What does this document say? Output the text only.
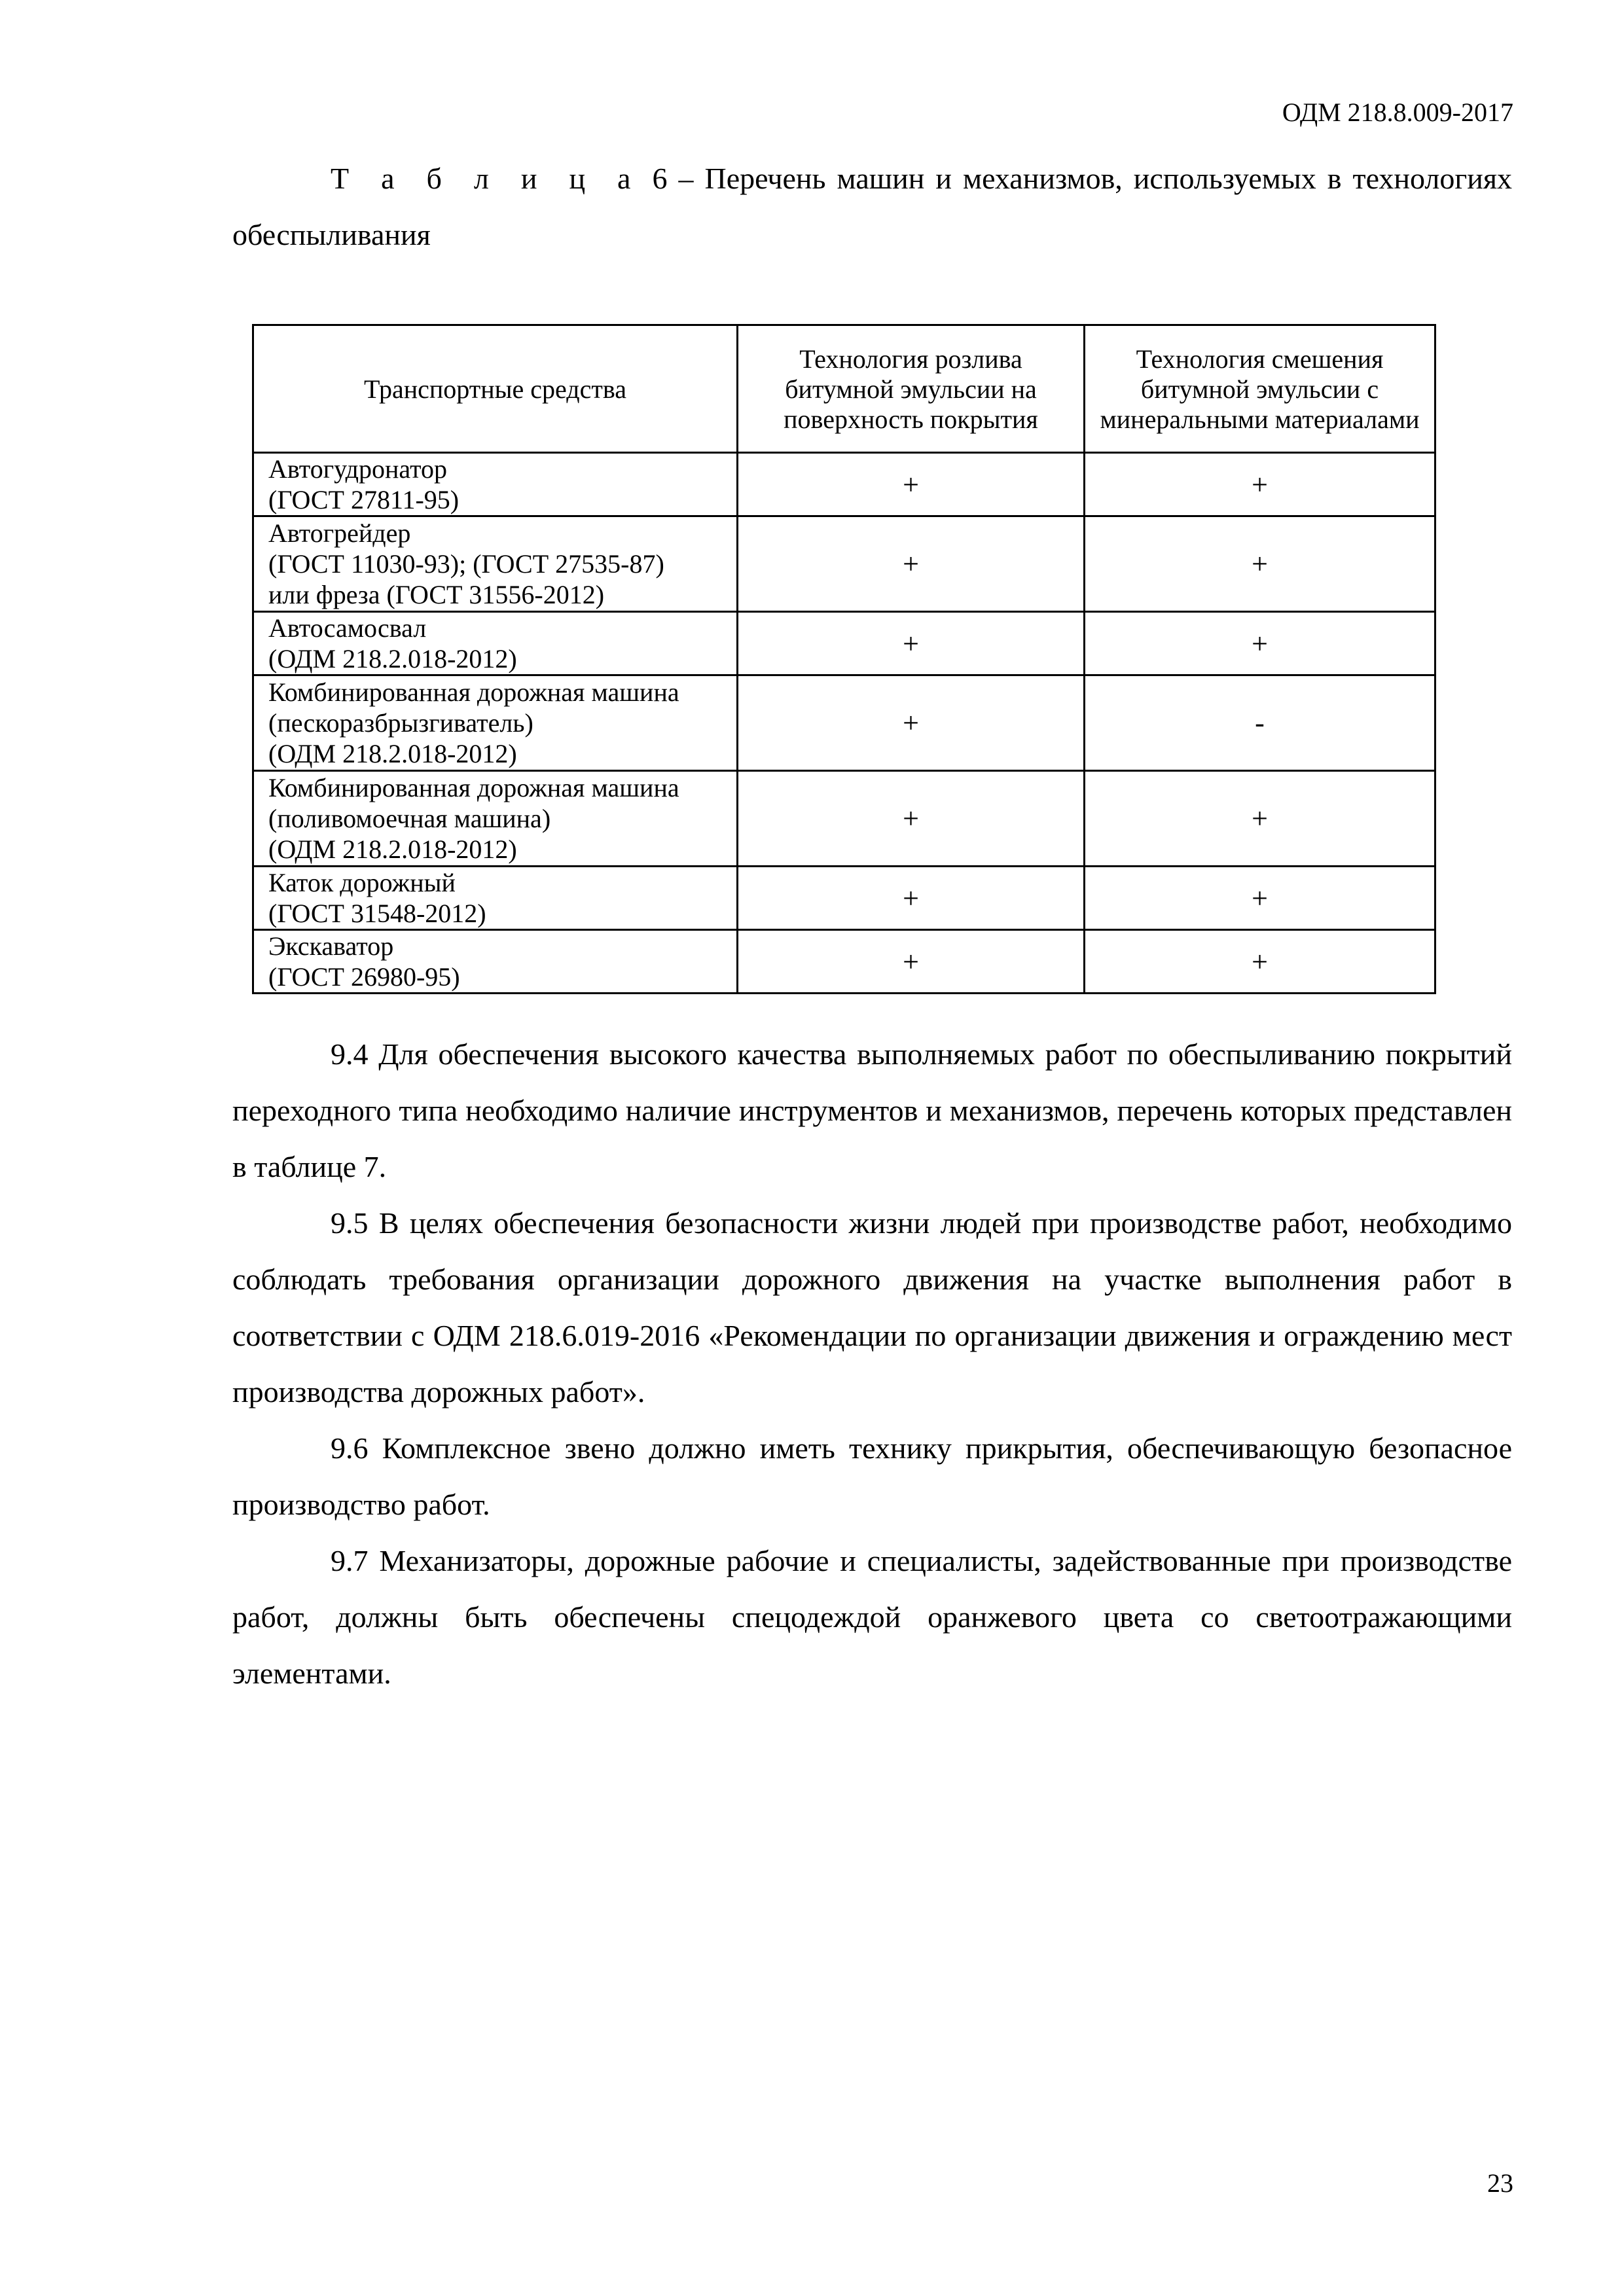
ОДМ 218.8.009-2017
Т а б л и ц а 6 – Перечень машин и механизмов, используемых в технологиях
обеспыливания
Транспортные средства	Технология розлива битумной эмульсии на поверхность покрытия	Технология смешения битумной эмульсии с минеральными материалами

Автогудронатор
(ГОСТ 27811-95)	+	+

Автогрейдер
(ГОСТ 11030-93); (ГОСТ 27535-87)
или фреза (ГОСТ 31556-2012)	+	+

Автосамосвал
(ОДМ 218.2.018-2012)	+	+

Комбинированная дорожная машина
(пескоразбрызгиватель)
(ОДМ 218.2.018-2012)	+	-

Комбинированная дорожная машина
(поливомоечная машина)
(ОДМ 218.2.018-2012)	+	+

Каток дорожный
(ГОСТ 31548-2012)	+	+

Экскаватор
(ГОСТ 26980-95)	+	+

9.4 Для обеспечения высокого качества выполняемых работ по обеспыливанию покрытий переходного типа необходимо наличие инструментов и механизмов, перечень которых представлен в таблице 7.

9.5 В целях обеспечения безопасности жизни людей при производстве работ, необходимо соблюдать требования организации дорожного движения на участке выполнения работ в соответствии с ОДМ 218.6.019-2016 «Рекомендации по организации движения и ограждению мест производства дорожных работ».

9.6 Комплексное звено должно иметь технику прикрытия, обеспечивающую безопасное производство работ.

9.7 Механизаторы, дорожные рабочие и специалисты, задействованные при производстве работ, должны быть обеспечены спецодеждой оранжевого цвета со светоотражающими элементами.

23
